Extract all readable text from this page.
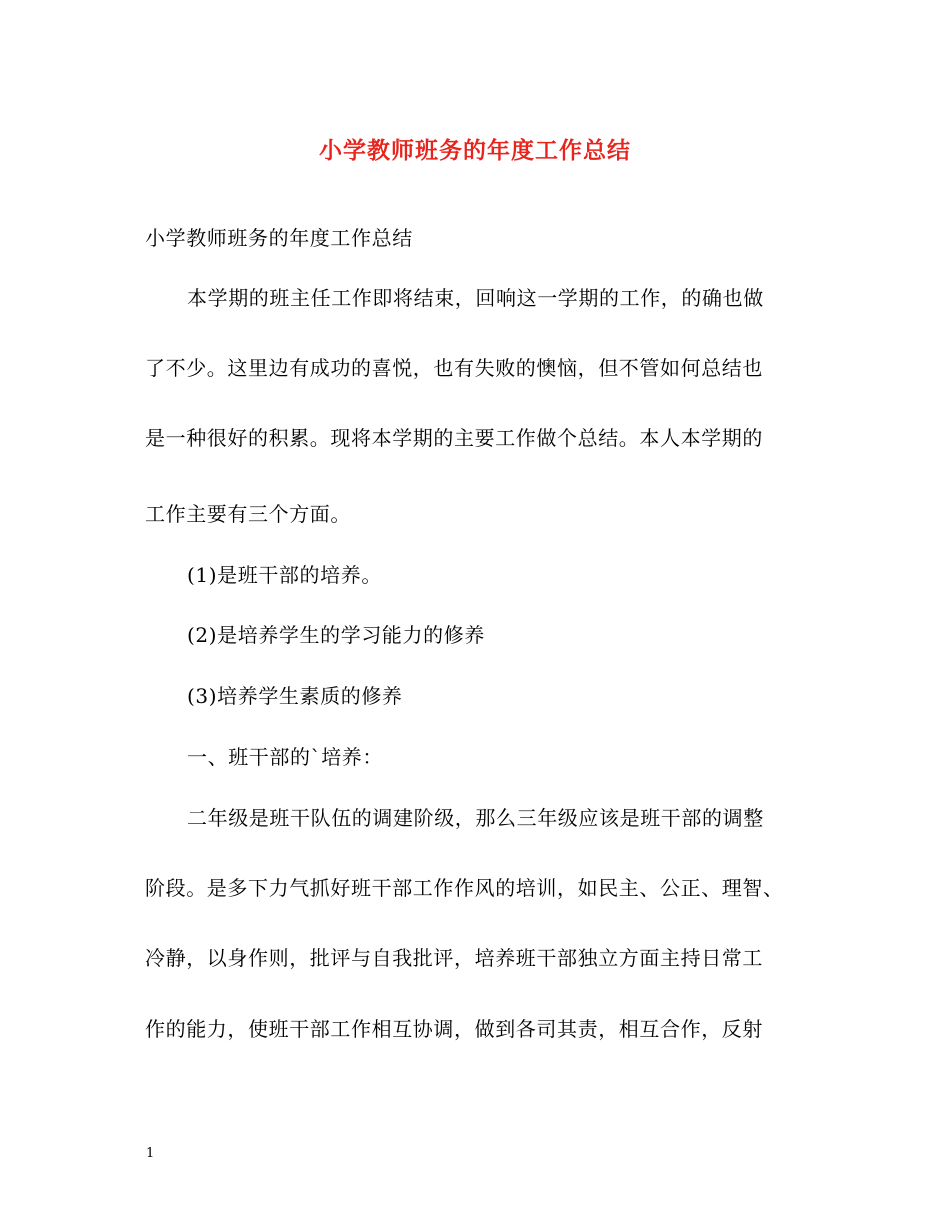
小学教师班务的年度工作总结
小学教师班务的年度工作总结
本学期的班主任工作即将结束，回响这一学期的工作，的确也做
了不少。这里边有成功的喜悦，也有失败的懊恼，但不管如何总结也
是一种很好的积累。现将本学期的主要工作做个总结。本人本学期的
工作主要有三个方面。
(1)是班干部的培养。
(2)是培养学生的学习能力的修养
(3)培养学生素质的修养
一、班干部的`培养：
二年级是班干队伍的调建阶级，那么三年级应该是班干部的调整
阶段。是多下力气抓好班干部工作作风的培训，如民主、公正、理智、
冷静，以身作则，批评与自我批评，培养班干部独立方面主持日常工
作的能力，使班干部工作相互协调，做到各司其责，相互合作，反射
1
